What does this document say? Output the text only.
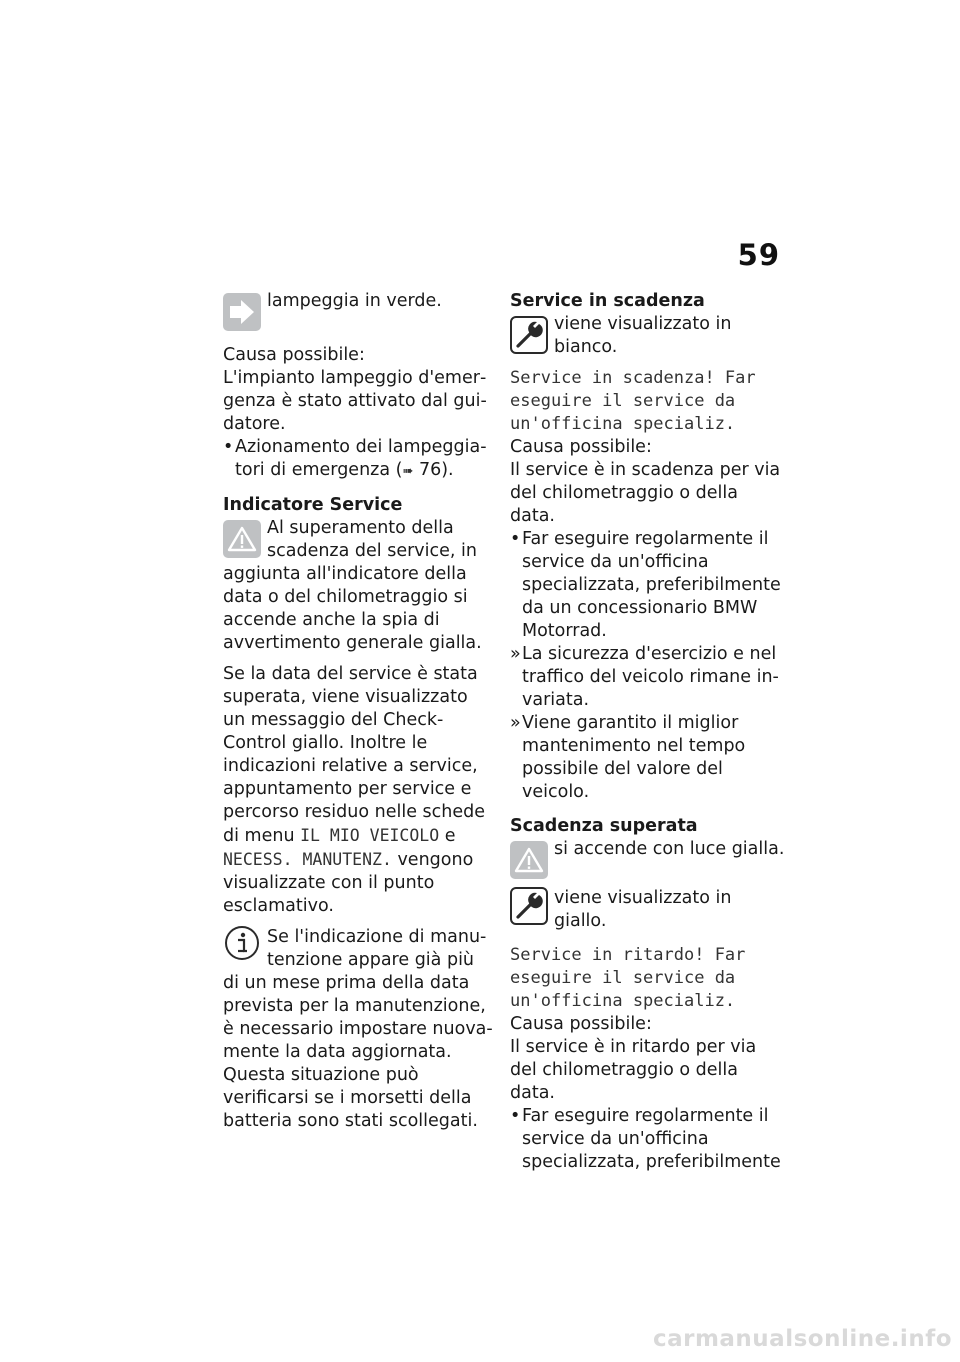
59

lampeggia in verde.

Causa possibile:

L'impianto lampeggio d'emergenza è stato attivato dal guidatore.

• Azionamento dei lampeggiatori di emergenza (➠ 76).

Indicatore Service

Al superamento della scadenza del service, in aggiunta all'indicatore della data o del chilometraggio si accende anche la spia di avvertimento generale gialla.

Se la data del service è stata superata, viene visualizzato un messaggio del Check-Control giallo. Inoltre le indicazioni relative a service, appuntamento per service e percorso residuo nelle schede di menu IL MIO VEICOLO e NECESS. MANUTENZ. vengono visualizzate con il punto esclamativo.

Se l'indicazione di manutenzione appare già più di un mese prima della data prevista per la manutenzione, è necessario impostare nuovamente la data aggiornata. Questa situazione può verificarsi se i morsetti della batteria sono stati scollegati.

Service in scadenza

viene visualizzato in bianco.

Service in scadenza! Far eseguire il service da un'officina specializ.

Causa possibile:

Il service è in scadenza per via del chilometraggio o della data.

• Far eseguire regolarmente il service da un'officina specializzata, preferibilmente da un concessionario BMW Motorrad.

» La sicurezza d'esercizio e nel traffico del veicolo rimane invariata.

» Viene garantito il miglior mantenimento nel tempo possibile del valore del veicolo.

Scadenza superata

si accende con luce gialla.

viene visualizzato in giallo.

Service in ritardo! Far eseguire il service da un'officina specializ.

Causa possibile:

Il service è in ritardo per via del chilometraggio o della data.

• Far eseguire regolarmente il service da un'officina specializzata, preferibilmente

carmanualsonline.info
